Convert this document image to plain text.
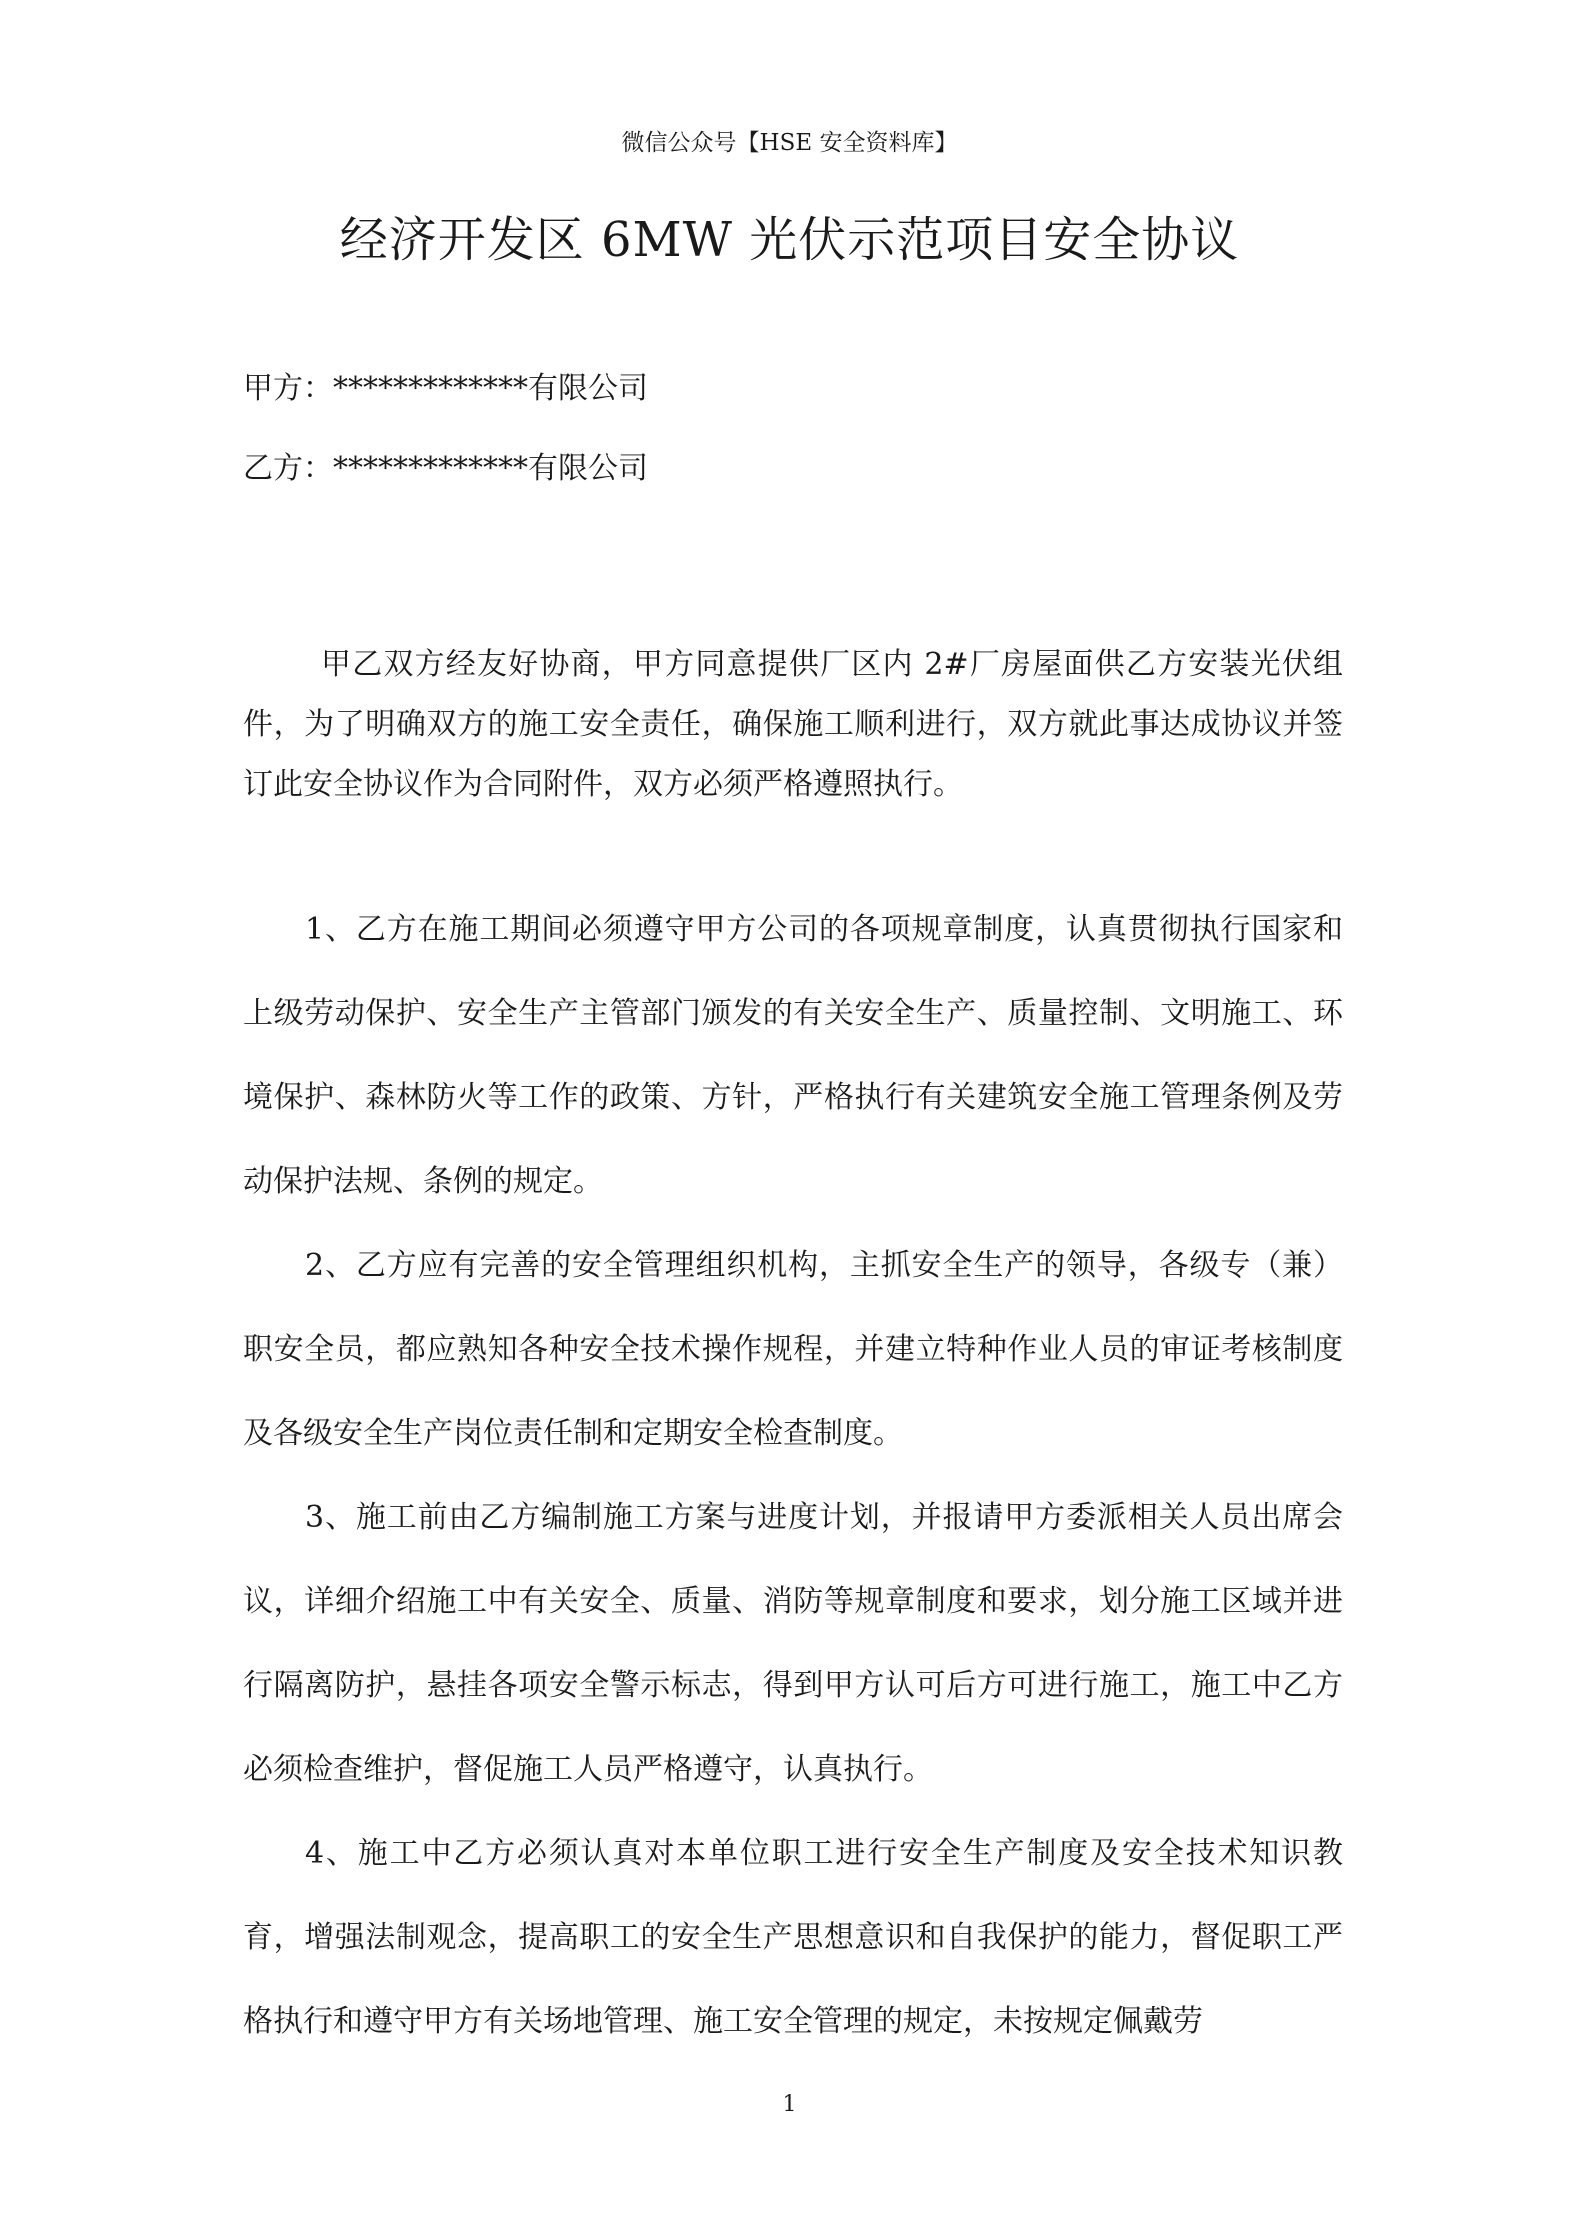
微信公众号【HSE 安全资料库】
经济开发区 6MW 光伏示范项目安全协议
甲方：*************有限公司
乙方：*************有限公司

甲乙双方经友好协商，甲方同意提供厂区内 2#厂房屋面供乙方安装光伏组件，为了明确双方的施工安全责任，确保施工顺利进行，双方就此事达成协议并签订此安全协议作为合同附件，双方必须严格遵照执行。

1、乙方在施工期间必须遵守甲方公司的各项规章制度，认真贯彻执行国家和上级劳动保护、安全生产主管部门颁发的有关安全生产、质量控制、文明施工、环境保护、森林防火等工作的政策、方针，严格执行有关建筑安全施工管理条例及劳动保护法规、条例的规定。

2、乙方应有完善的安全管理组织机构，主抓安全生产的领导，各级专（兼）职安全员，都应熟知各种安全技术操作规程，并建立特种作业人员的审证考核制度及各级安全生产岗位责任制和定期安全检查制度。

3、施工前由乙方编制施工方案与进度计划，并报请甲方委派相关人员出席会议，详细介绍施工中有关安全、质量、消防等规章制度和要求，划分施工区域并进行隔离防护，悬挂各项安全警示标志，得到甲方认可后方可进行施工，施工中乙方必须检查维护，督促施工人员严格遵守，认真执行。

4、施工中乙方必须认真对本单位职工进行安全生产制度及安全技术知识教育，增强法制观念，提高职工的安全生产思想意识和自我保护的能力，督促职工严格执行和遵守甲方有关场地管理、施工安全管理的规定，未按规定佩戴劳

1
